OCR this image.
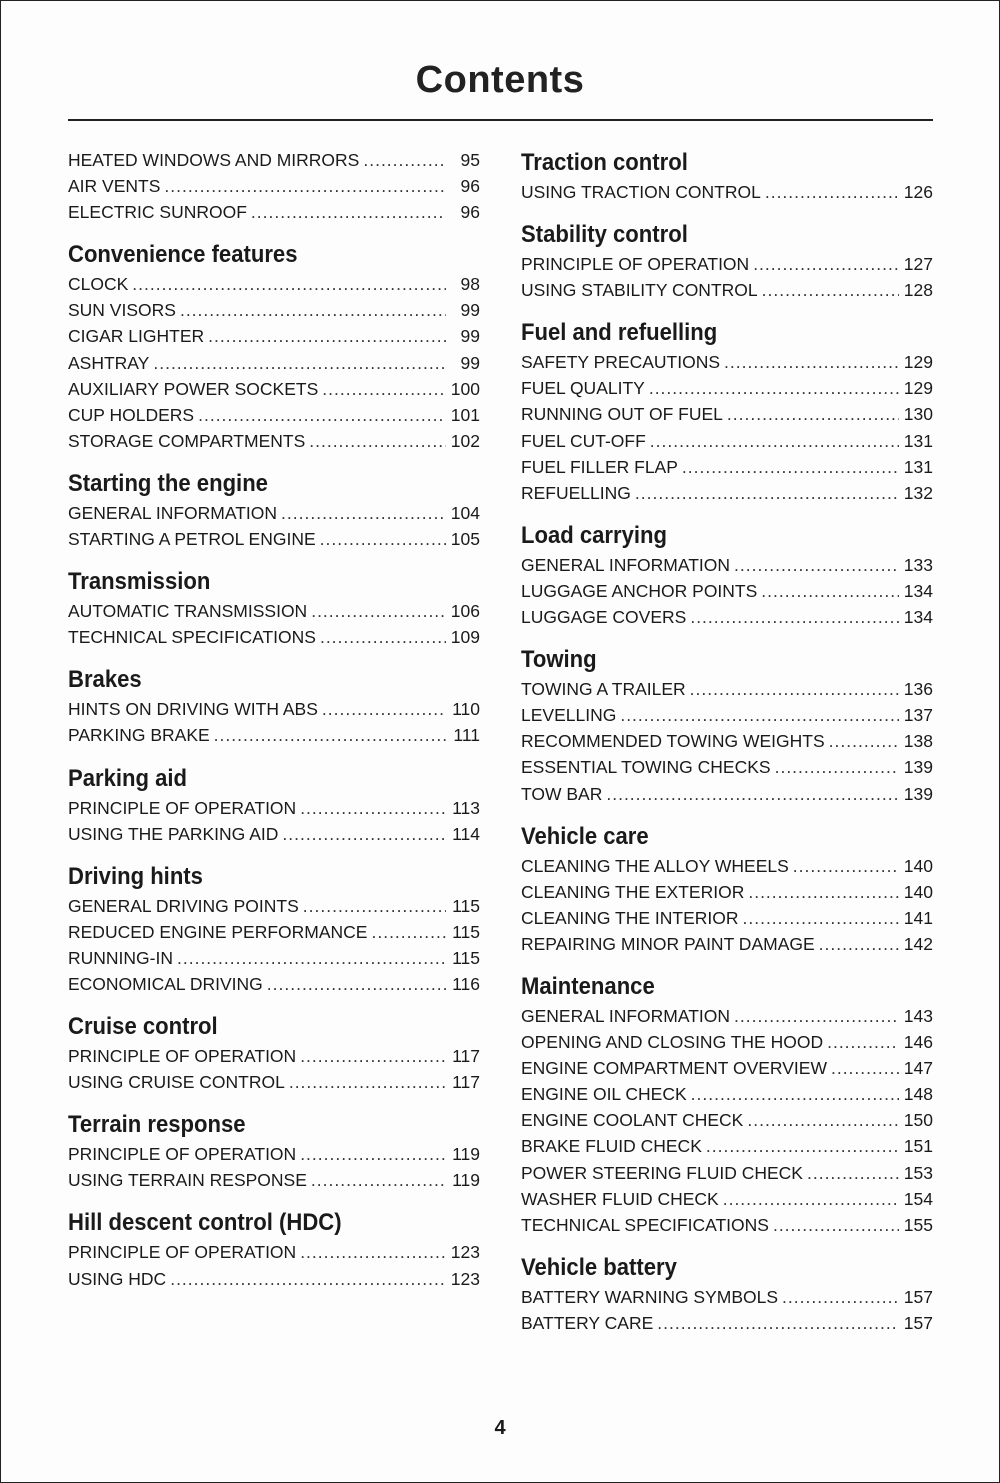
Contents
HEATED WINDOWS AND MIRRORS .....	95
AIR VENTS .....	96
ELECTRIC SUNROOF .....	96
Convenience features
CLOCK .....	98
SUN VISORS .....	99
CIGAR LIGHTER .....	99
ASHTRAY .....	99
AUXILIARY POWER SOCKETS .....	100
CUP HOLDERS .....	101
STORAGE COMPARTMENTS .....	102
Starting the engine
GENERAL INFORMATION .....	104
STARTING A PETROL ENGINE .....	105
Transmission
AUTOMATIC TRANSMISSION .....	106
TECHNICAL SPECIFICATIONS .....	109
Brakes
HINTS ON DRIVING WITH ABS .....	110
PARKING BRAKE .....	111
Parking aid
PRINCIPLE OF OPERATION .....	113
USING THE PARKING AID .....	114
Driving hints
GENERAL DRIVING POINTS .....	115
REDUCED ENGINE PERFORMANCE .....	115
RUNNING-IN .....	115
ECONOMICAL DRIVING .....	116
Cruise control
PRINCIPLE OF OPERATION .....	117
USING CRUISE CONTROL .....	117
Terrain response
PRINCIPLE OF OPERATION .....	119
USING TERRAIN RESPONSE .....	119
Hill descent control (HDC)
PRINCIPLE OF OPERATION .....	123
USING HDC .....	123
Traction control
USING TRACTION CONTROL .....	126
Stability control
PRINCIPLE OF OPERATION .....	127
USING STABILITY CONTROL .....	128
Fuel and refuelling
SAFETY PRECAUTIONS .....	129
FUEL QUALITY .....	129
RUNNING OUT OF FUEL .....	130
FUEL CUT-OFF .....	131
FUEL FILLER FLAP .....	131
REFUELLING .....	132
Load carrying
GENERAL INFORMATION .....	133
LUGGAGE ANCHOR POINTS .....	134
LUGGAGE COVERS .....	134
Towing
TOWING A TRAILER .....	136
LEVELLING .....	137
RECOMMENDED TOWING WEIGHTS .....	138
ESSENTIAL TOWING CHECKS .....	139
TOW BAR .....	139
Vehicle care
CLEANING THE ALLOY WHEELS .....	140
CLEANING THE EXTERIOR .....	140
CLEANING THE INTERIOR .....	141
REPAIRING MINOR PAINT DAMAGE .....	142
Maintenance
GENERAL INFORMATION .....	143
OPENING AND CLOSING THE HOOD .....	146
ENGINE COMPARTMENT OVERVIEW .....	147
ENGINE OIL CHECK .....	148
ENGINE COOLANT CHECK .....	150
BRAKE FLUID CHECK .....	151
POWER STEERING FLUID CHECK .....	153
WASHER FLUID CHECK .....	154
TECHNICAL SPECIFICATIONS .....	155
Vehicle battery
BATTERY WARNING SYMBOLS .....	157
BATTERY CARE .....	157
4
